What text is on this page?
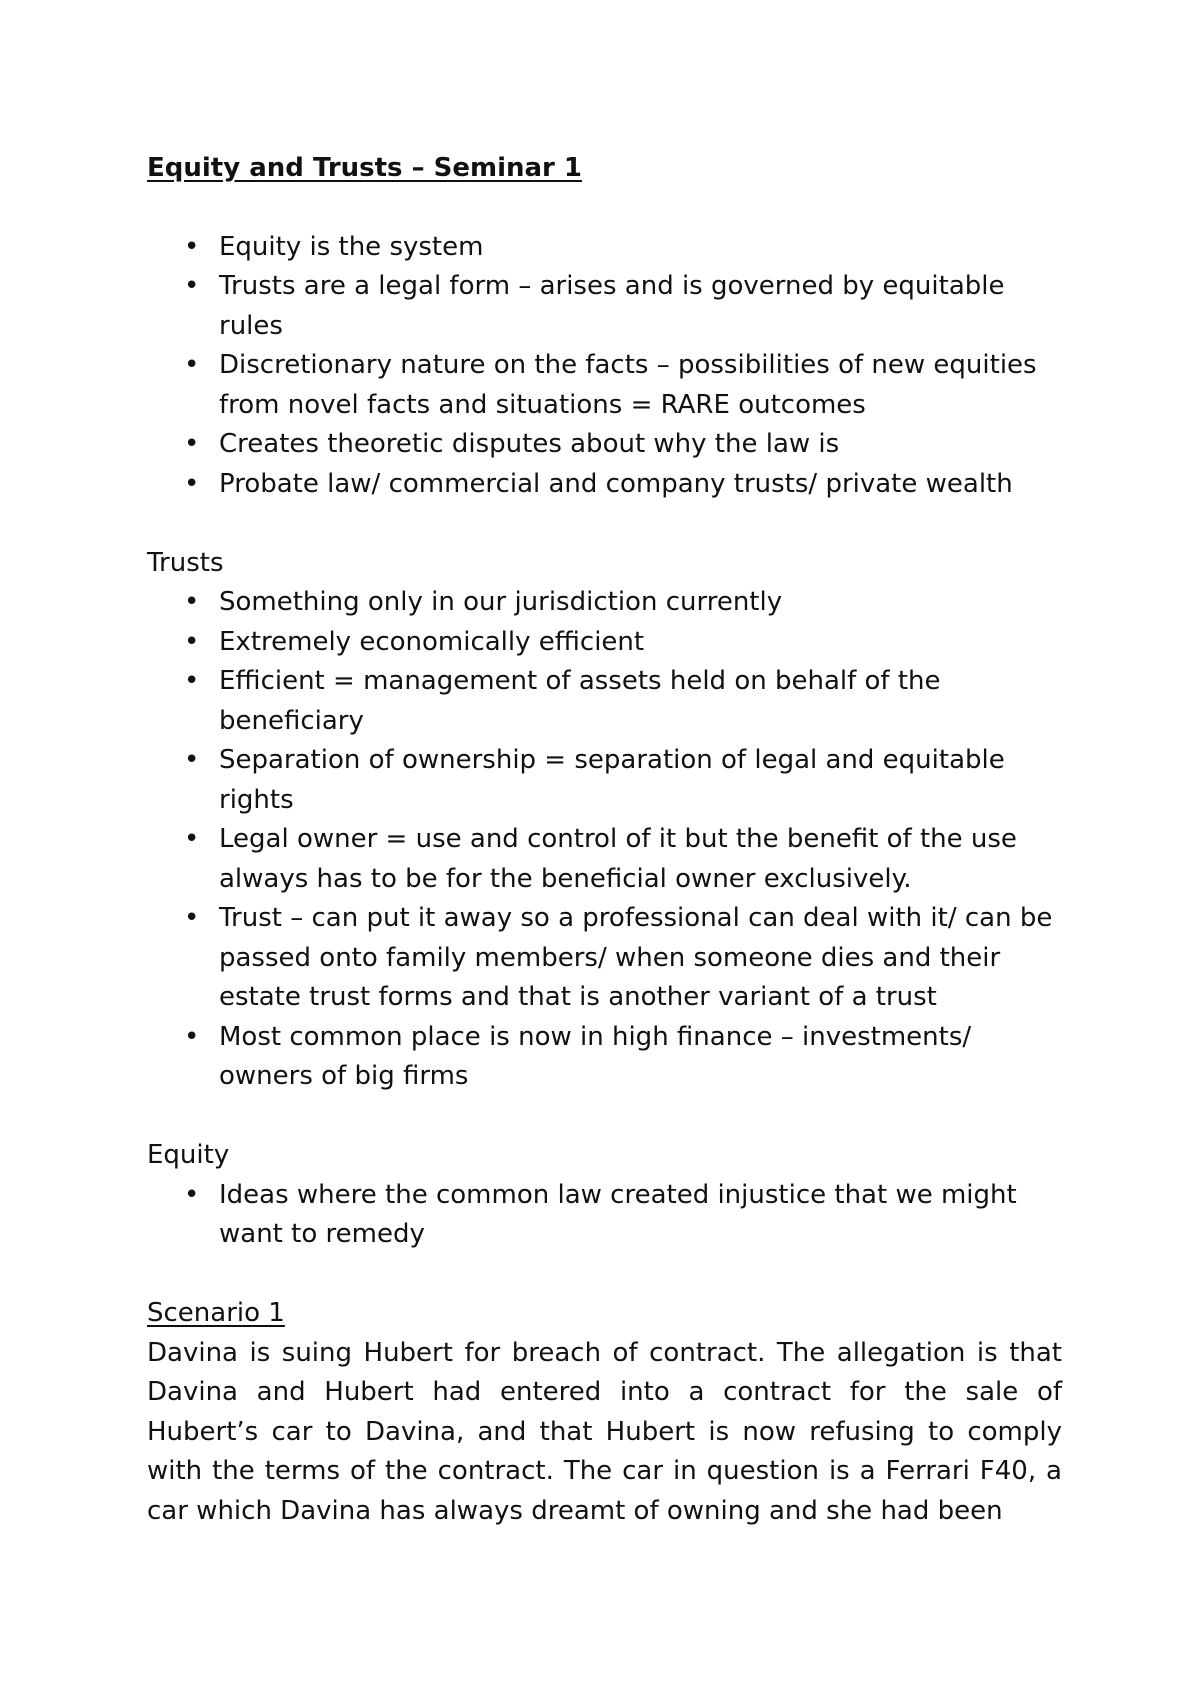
Equity and Trusts – Seminar 1
• Equity is the system
• Trusts are a legal form – arises and is governed by equitable rules
• Discretionary nature on the facts – possibilities of new equities from novel facts and situations = RARE outcomes
• Creates theoretic disputes about why the law is
• Probate law/ commercial and company trusts/ private wealth
Trusts
• Something only in our jurisdiction currently
• Extremely economically efficient
• Efficient = management of assets held on behalf of the beneficiary
• Separation of ownership = separation of legal and equitable rights
• Legal owner = use and control of it but the benefit of the use always has to be for the beneficial owner exclusively.
• Trust – can put it away so a professional can deal with it/ can be passed onto family members/ when someone dies and their estate trust forms and that is another variant of a trust
• Most common place is now in high finance – investments/ owners of big firms
Equity
• Ideas where the common law created injustice that we might want to remedy
Scenario 1

Davina is suing Hubert for breach of contract. The allegation is that Davina and Hubert had entered into a contract for the sale of Hubert’s car to Davina, and that Hubert is now refusing to comply with the terms of the contract. The car in question is a Ferrari F40, a car which Davina has always dreamt of owning and she had been
